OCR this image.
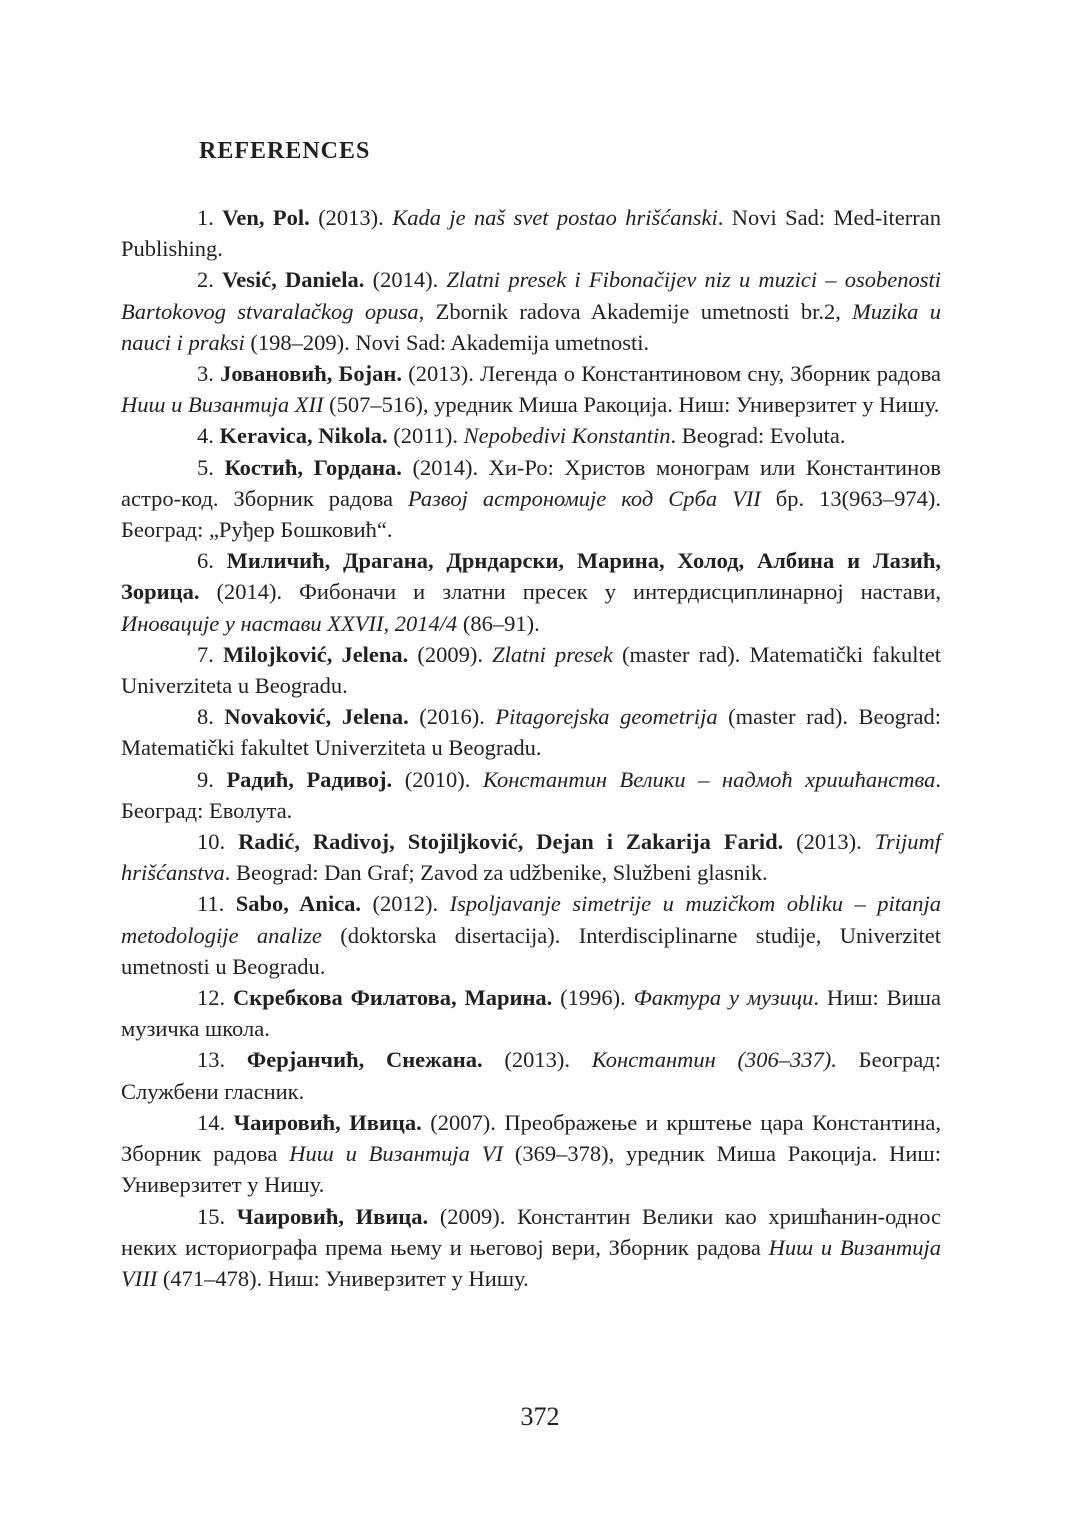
REFERENCES
1. Ven, Pol. (2013). Kada je naš svet postao hrišćanski. Novi Sad: Med-iterran Publishing.
2. Vesić, Daniela. (2014). Zlatni presek i Fibonačijev niz u muzici – osobenosti Bartokovog stvaralačkog opusa, Zbornik radova Akademije umetnosti br.2, Muzika u nauci i praksi (198–209). Novi Sad: Akademija umetnosti.
3. Јовановић, Бојан. (2013). Легенда о Константиновом сну, Зборник радова Ниш и Византија XII (507–516), уредник Миша Ракоција. Ниш: Универзитет у Нишу.
4. Keravica, Nikola. (2011). Nepobedivi Konstantin. Beograd: Evoluta.
5. Костић, Гордана. (2014). Хи-Ро: Христов монограм или Константинов астро-код. Зборник радова Развој астрономије код Срба VII бр. 13(963–974). Београд: „Руђер Бошковић“.
6. Миличић, Драгана, Дрндарски, Марина, Холод, Албина и Лазић, Зорица. (2014). Фибоначи и златни пресек у интердисциплинарној настави, Иновације у настави XXVII, 2014/4 (86–91).
7. Milojković, Jelena. (2009). Zlatni presek (master rad). Matematički fakultet Univerziteta u Beogradu.
8. Novaković, Jelena. (2016). Pitagorejska geometrija (master rad). Beograd: Matematički fakultet Univerziteta u Beogradu.
9. Радић, Радивој. (2010). Константин Велики – надмоћ хришћанства. Београд: Еволута.
10. Radić, Radivoj, Stojiljković, Dejan i Zakarija Farid. (2013). Trijumf hrišćanstva. Beograd: Dan Graf; Zavod za udžbenike, Službeni glasnik.
11. Sabo, Anica. (2012). Ispoljavanje simetrije u muzičkom obliku – pitanja metodologije analize (doktorska disertacija). Interdisciplinarne studije, Univerzitet umetnosti u Beogradu.
12. Скребкова Филатова, Марина. (1996). Фактура у музици. Ниш: Виша музичка школа.
13. Ферјанчић, Снежана. (2013). Константин (306–337). Београд: Службени гласник.
14. Чаировић, Ивица. (2007). Преображење и крштење цара Константина, Зборник радова Ниш и Византија VI (369–378), уредник Миша Ракоција. Ниш: Универзитет у Нишу.
15. Чаировић, Ивица. (2009). Константин Велики као хришћанин-однос неких историографа према њему и његовој вери, Зборник радова Ниш и Византија VIII (471–478). Ниш: Универзитет у Нишу.

372
